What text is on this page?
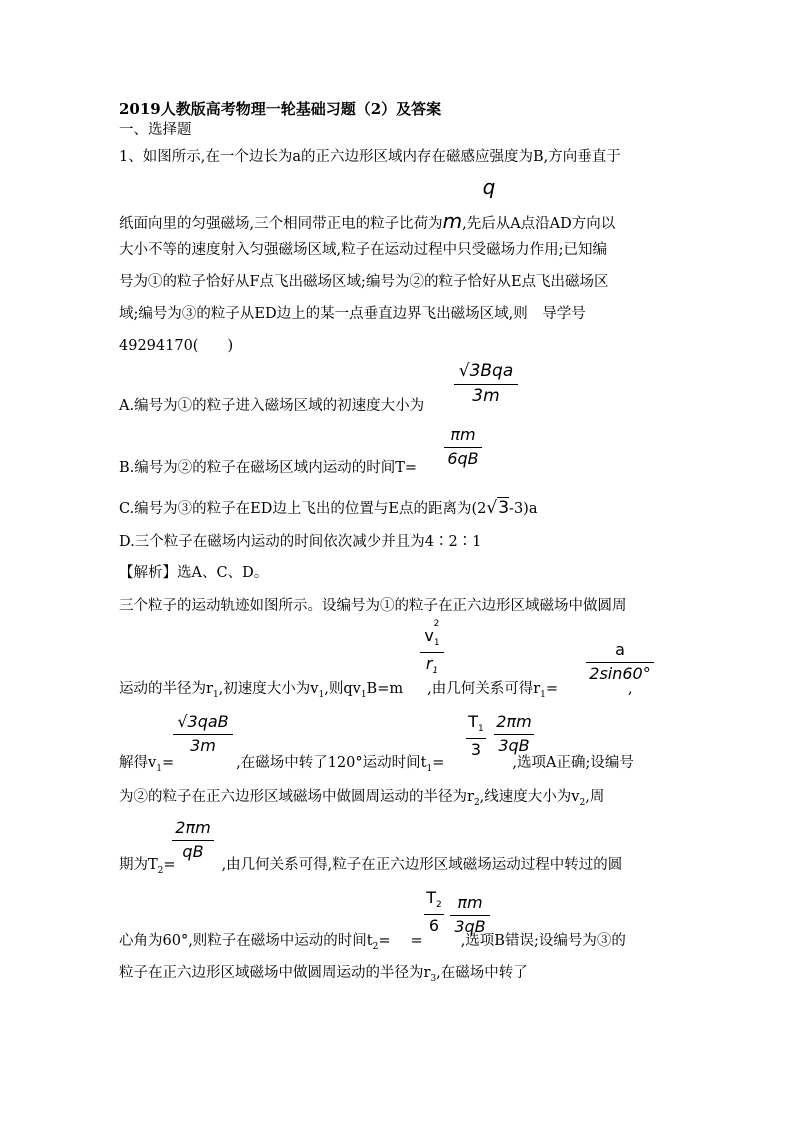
2019人教版高考物理一轮基础习题（2）及答案
一、选择题
1、如图所示,在一个边长为a的正六边形区域内存在磁感应强度为B,方向垂直于
q
纸面向里的匀强磁场,三个相同带正电的粒子比荷为m,先后从A点沿AD方向以
大小不等的速度射入匀强磁场区域,粒子在运动过程中只受磁场力作用;已知编
号为①的粒子恰好从F点飞出磁场区域;编号为②的粒子恰好从E点飞出磁场区
域;编号为③的粒子从ED边上的某一点垂直边界飞出磁场区域,则　导学号
49294170(　　)
√3Bqa
3m
A.编号为①的粒子进入磁场区域的初速度大小为
πm
6qB
B.编号为②的粒子在磁场区域内运动的时间T=
C.编号为③的粒子在ED边上飞出的位置与E点的距离为(2√3-3)a
D.三个粒子在磁场内运动的时间依次减少并且为4∶2∶1
【解析】选A、C、D。
三个粒子的运动轨迹如图所示。设编号为①的粒子在正六边形区域磁场中做圆周
$v_1$
2
$r_1$
a
2sin60°
运动的半径为$r_1$,初速度大小为$v_1$,则$qv_1B=m$ ,由几何关系可得$r_1=$	,
√3qaB
3m
$T_1$
3
2πm
3qB
解得$v_1=$	,在磁场中转了120°运动时间$t_1=$	,选项A正确;设编号
为②的粒子在正六边形区域磁场中做圆周运动的半径为$r_2$,线速度大小为$v_2$,周
2πm
qB
期为$T_2=$	,由几何关系可得,粒子在正六边形区域磁场运动过程中转过的圆
$T_2$
6
πm
3qB
心角为60°,则粒子在磁场中运动的时间$t_2=$ =	,选项B错误;设编号为③的
粒子在正六边形区域磁场中做圆周运动的半径为$r_3$,在磁场中转了
